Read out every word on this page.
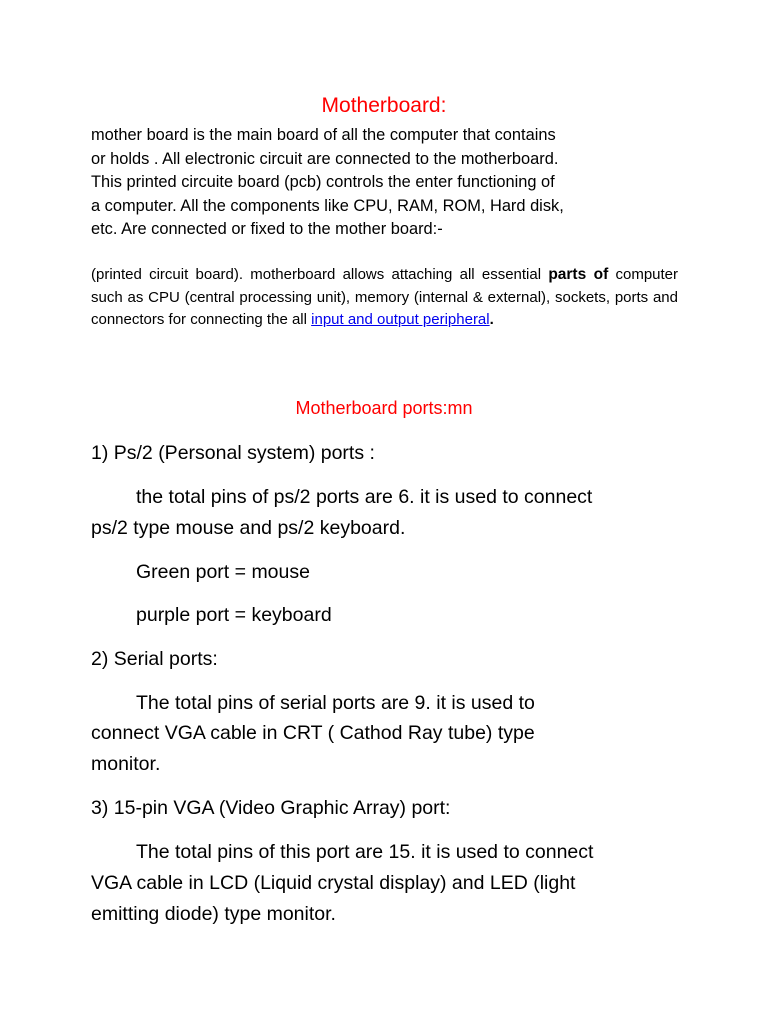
Motherboard:

mother board is the main board of all the computer that contains
or holds . All electronic circuit are connected to the motherboard.
This printed circuite board (pcb) controls the enter functioning of
a computer. All the components like CPU, RAM, ROM, Hard disk,
etc. Are connected or fixed to the mother board:-

(printed circuit board). motherboard allows attaching all essential parts of computer such as CPU (central processing unit), memory (internal & external), sockets, ports and connectors for connecting the all input and output peripheral.

Motherboard ports:mn

1) Ps/2 (Personal system) ports :

the total pins of ps/2 ports are 6. it is used to connect

ps/2 type mouse and ps/2 keyboard.

Green port = mouse

purple port = keyboard

2) Serial ports:

The total pins of serial ports are 9. it is used to

connect VGA cable in CRT ( Cathod Ray tube) type

monitor.

3) 15-pin VGA (Video Graphic Array) port:

The total pins of this port are 15. it is used to connect

VGA cable in LCD (Liquid crystal display) and LED (light

emitting diode) type monitor.
